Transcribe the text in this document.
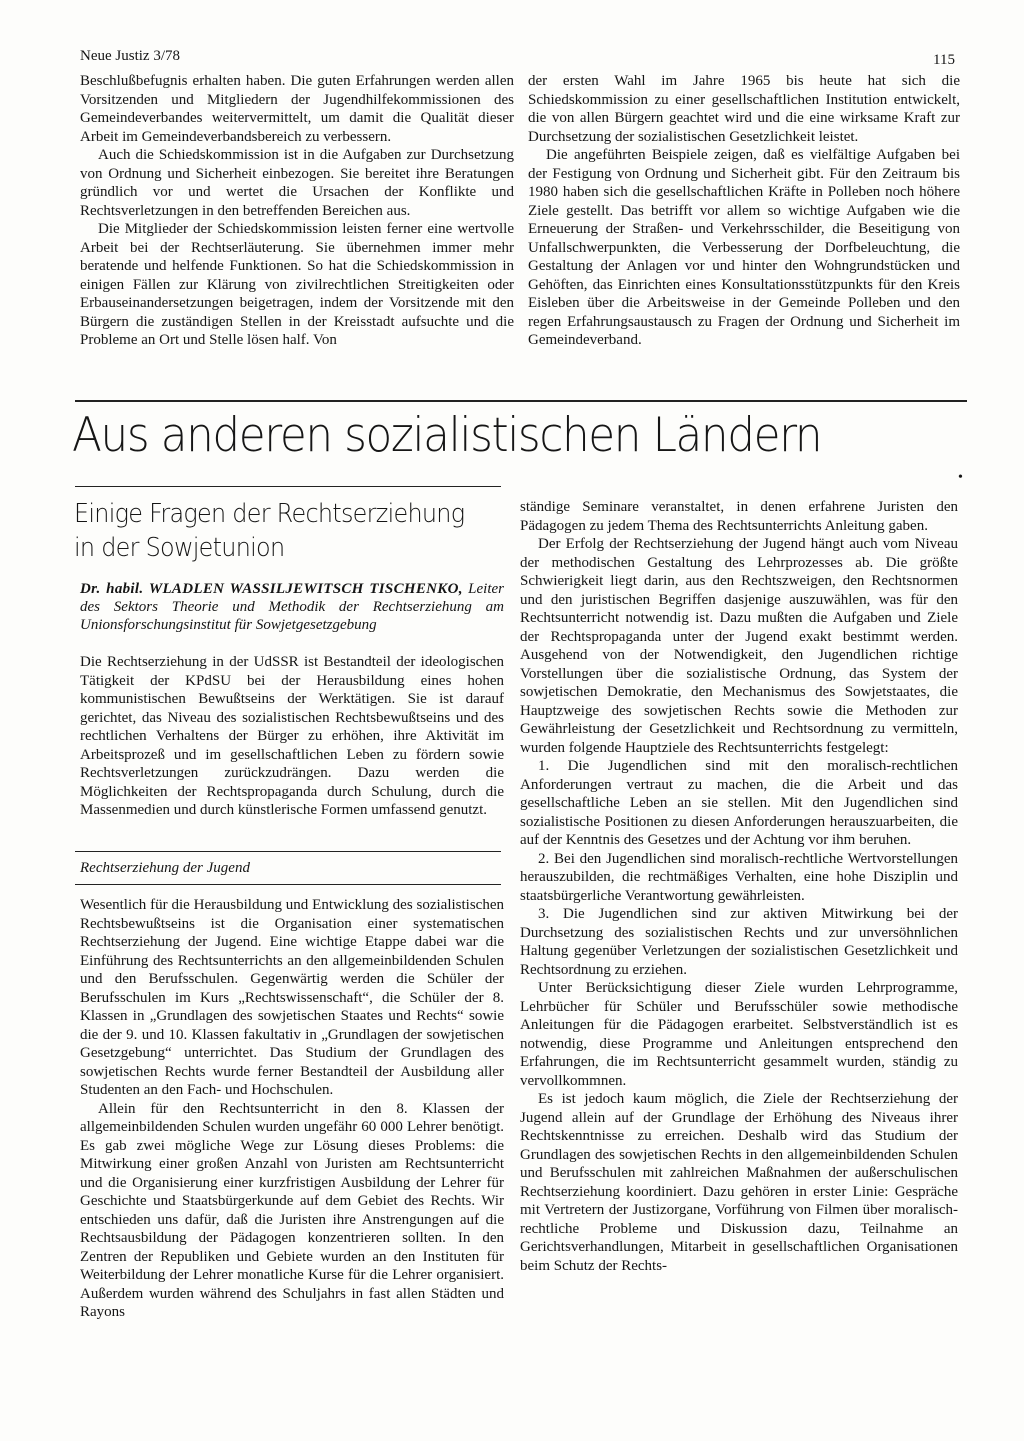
Neue Justiz 3/78	115

Beschlußbefugnis erhalten haben. Die guten Erfahrungen werden allen Vorsitzenden und Mitgliedern der Jugendhilfekommissionen des Gemeindeverbandes weitervermittelt, um damit die Qualität dieser Arbeit im Gemeindeverbandsbereich zu verbessern.

Auch die Schiedskommission ist in die Aufgaben zur Durchsetzung von Ordnung und Sicherheit einbezogen. Sie bereitet ihre Beratungen gründlich vor und wertet die Ursachen der Konflikte und Rechtsverletzungen in den betreffenden Bereichen aus.

Die Mitglieder der Schiedskommission leisten ferner eine wertvolle Arbeit bei der Rechtserläuterung. Sie übernehmen immer mehr beratende und helfende Funktionen. So hat die Schiedskommission in einigen Fällen zur Klärung von zivilrechtlichen Streitigkeiten oder Erbauseinandersetzungen beigetragen, indem der Vorsitzende mit den Bürgern die zuständigen Stellen in der Kreisstadt aufsuchte und die Probleme an Ort und Stelle lösen half. Von

der ersten Wahl im Jahre 1965 bis heute hat sich die Schiedskommission zu einer gesellschaftlichen Institution entwickelt, die von allen Bürgern geachtet wird und die eine wirksame Kraft zur Durchsetzung der sozialistischen Gesetzlichkeit leistet.

Die angeführten Beispiele zeigen, daß es vielfältige Aufgaben bei der Festigung von Ordnung und Sicherheit gibt. Für den Zeitraum bis 1980 haben sich die gesellschaftlichen Kräfte in Polleben noch höhere Ziele gestellt. Das betrifft vor allem so wichtige Aufgaben wie die Erneuerung der Straßen- und Verkehrsschilder, die Beseitigung von Unfallschwerpunkten, die Verbesserung der Dorfbeleuchtung, die Gestaltung der Anlagen vor und hinter den Wohngrundstücken und Gehöften, das Einrichten eines Konsultationsstützpunkts für den Kreis Eisleben über die Arbeitsweise in der Gemeinde Polleben und den regen Erfahrungsaustausch zu Fragen der Ordnung und Sicherheit im Gemeindeverband.

Aus anderen sozialistischen Ländern
•
Einige Fragen der Rechtserziehung
in der Sowjetunion
Dr. habil. WLADLEN WASSILJEWITSCH TISCHENKO, Leiter des Sektors Theorie und Methodik der Rechtserziehung am Unionsforschungsinstitut für Sowjetgesetzgebung

Die Rechtserziehung in der UdSSR ist Bestandteil der ideologischen Tätigkeit der KPdSU bei der Herausbildung eines hohen kommunistischen Bewußtseins der Werktätigen. Sie ist darauf gerichtet, das Niveau des sozialistischen Rechtsbewußtseins und des rechtlichen Verhaltens der Bürger zu erhöhen, ihre Aktivität im Arbeitsprozeß und im gesellschaftlichen Leben zu fördern sowie Rechtsverletzungen zurückzudrängen. Dazu werden die Möglichkeiten der Rechtspropaganda durch Schulung, durch die Massenmedien und durch künstlerische Formen umfassend genutzt.

Rechtserziehung der Jugend

Wesentlich für die Herausbildung und Entwicklung des sozialistischen Rechtsbewußtseins ist die Organisation einer systematischen Rechtserziehung der Jugend. Eine wichtige Etappe dabei war die Einführung des Rechtsunterrichts an den allgemeinbildenden Schulen und den Berufsschulen. Gegenwärtig werden die Schüler der Berufsschulen im Kurs „Rechtswissenschaft“, die Schüler der 8. Klassen in „Grundlagen des sowjetischen Staates und Rechts“ sowie die der 9. und 10. Klassen fakultativ in „Grundlagen der sowjetischen Gesetzgebung“ unterrichtet. Das Studium der Grundlagen des sowjetischen Rechts wurde ferner Bestandteil der Ausbildung aller Studenten an den Fach- und Hochschulen.

Allein für den Rechtsunterricht in den 8. Klassen der allgemeinbildenden Schulen wurden ungefähr 60 000 Lehrer benötigt. Es gab zwei mögliche Wege zur Lösung dieses Problems: die Mitwirkung einer großen Anzahl von Juristen am Rechtsunterricht und die Organisierung einer kurzfristigen Ausbildung der Lehrer für Geschichte und Staatsbürgerkunde auf dem Gebiet des Rechts. Wir entschieden uns dafür, daß die Juristen ihre Anstrengungen auf die Rechtsausbildung der Pädagogen konzentrieren sollten. In den Zentren der Republiken und Gebiete wurden an den Instituten für Weiterbildung der Lehrer monatliche Kurse für die Lehrer organisiert. Außerdem wurden während des Schuljahrs in fast allen Städten und Rayons

ständige Seminare veranstaltet, in denen erfahrene Juristen den Pädagogen zu jedem Thema des Rechtsunterrichts Anleitung gaben.

Der Erfolg der Rechtserziehung der Jugend hängt auch vom Niveau der methodischen Gestaltung des Lehrprozesses ab. Die größte Schwierigkeit liegt darin, aus den Rechtszweigen, den Rechtsnormen und den juristischen Begriffen dasjenige auszuwählen, was für den Rechtsunterricht notwendig ist. Dazu mußten die Aufgaben und Ziele der Rechtspropaganda unter der Jugend exakt bestimmt werden. Ausgehend von der Notwendigkeit, den Jugendlichen richtige Vorstellungen über die sozialistische Ordnung, das System der sowjetischen Demokratie, den Mechanismus des Sowjetstaates, die Hauptzweige des sowjetischen Rechts sowie die Methoden zur Gewährleistung der Gesetzlichkeit und Rechtsordnung zu vermitteln, wurden folgende Hauptziele des Rechtsunterrichts festgelegt:

1. Die Jugendlichen sind mit den moralisch-rechtlichen Anforderungen vertraut zu machen, die die Arbeit und das gesellschaftliche Leben an sie stellen. Mit den Jugendlichen sind sozialistische Positionen zu diesen Anforderungen herauszuarbeiten, die auf der Kenntnis des Gesetzes und der Achtung vor ihm beruhen.

2. Bei den Jugendlichen sind moralisch-rechtliche Wertvorstellungen herauszubilden, die rechtmäßiges Verhalten, eine hohe Disziplin und staatsbürgerliche Verantwortung gewährleisten.

3. Die Jugendlichen sind zur aktiven Mitwirkung bei der Durchsetzung des sozialistischen Rechts und zur unversöhnlichen Haltung gegenüber Verletzungen der sozialistischen Gesetzlichkeit und Rechtsordnung zu erziehen.

Unter Berücksichtigung dieser Ziele wurden Lehrprogramme, Lehrbücher für Schüler und Berufsschüler sowie methodische Anleitungen für die Pädagogen erarbeitet. Selbstverständlich ist es notwendig, diese Programme und Anleitungen entsprechend den Erfahrungen, die im Rechtsunterricht gesammelt wurden, ständig zu vervollkommnen.

Es ist jedoch kaum möglich, die Ziele der Rechtserziehung der Jugend allein auf der Grundlage der Erhöhung des Niveaus ihrer Rechtskenntnisse zu erreichen. Deshalb wird das Studium der Grundlagen des sowjetischen Rechts in den allgemeinbildenden Schulen und Berufsschulen mit zahlreichen Maßnahmen der außerschulischen Rechtserziehung koordiniert. Dazu gehören in erster Linie: Gespräche mit Vertretern der Justizorgane, Vorführung von Filmen über moralisch-rechtliche Probleme und Diskussion dazu, Teilnahme an Gerichtsverhandlungen, Mitarbeit in gesellschaftlichen Organisationen beim Schutz der Rechts-
